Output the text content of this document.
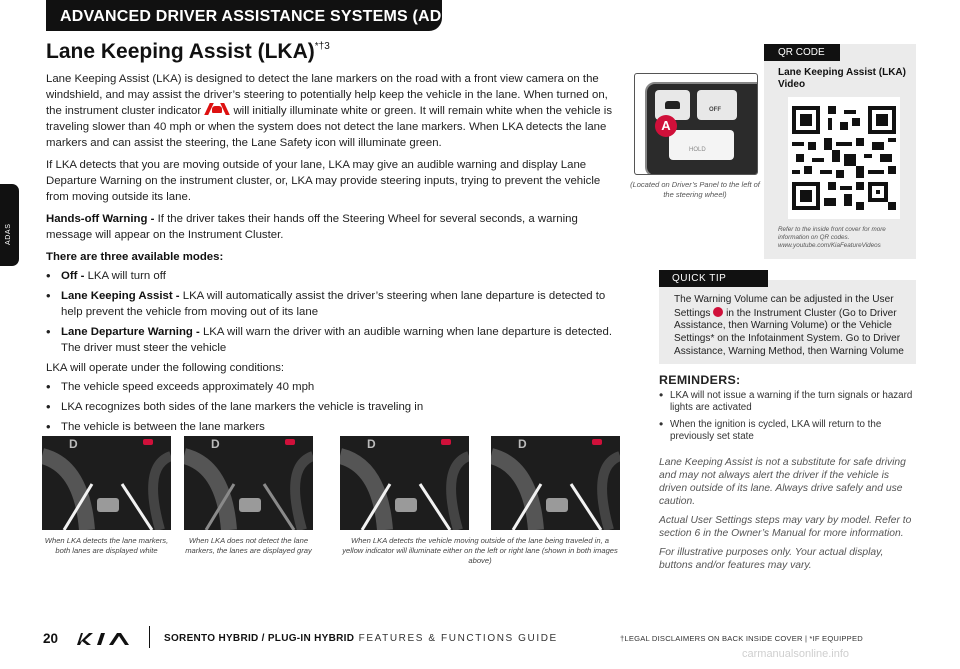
ADVANCED DRIVER ASSISTANCE SYSTEMS (ADAS)
ADAS
Lane Keeping Assist (LKA)$^{*\dagger 3}$

Lane Keeping Assist (LKA) is designed to detect the lane markers on the road with a front view camera on the windshield, and may assist the driver’s steering to potentially help keep the vehicle in the lane. When turned on, the instrument cluster indicator	will initially illuminate white or green. It will remain white when the vehicle is traveling slower than 40 mph or when the system does not detect the lane markers. When LKA detects the lane markers and can assist the steering, the Lane Safety icon will illuminate green.

If LKA detects that you are moving outside of your lane, LKA may give an audible warning and display Lane Departure Warning on the instrument cluster, or, LKA may provide steering inputs, trying to prevent the vehicle from moving outside its lane.

Hands-off Warning - If the driver takes their hands off the Steering Wheel for several seconds, a warning message will appear on the Instrument Cluster.

There are three available modes:

• Off - LKA will turn off
• Lane Keeping Assist - LKA will automatically assist the driver’s steering when lane departure is detected to help prevent the vehicle from moving out of its lane
• Lane Departure Warning - LKA will warn the driver with an audible warning when lane departure is detected. The driver must steer the vehicle

LKA will operate under the following conditions:

• The vehicle speed exceeds approximately 40 mph
• LKA recognizes both sides of the lane markers the vehicle is traveling in
• The vehicle is between the lane markers
OFF
HOLD
A
(Located on Driver’s Panel to the left of the steering wheel)
QR CODE
Lane Keeping Assist (LKA) Video
Refer to the inside front cover for more information on QR codes. www.youtube.com/KiaFeatureVideos
QUICK TIP
The Warning Volume can be adjusted in the User Settings in the Instrument Cluster (Go to Driver Assistance, then Warning Volume) or the Vehicle Settings* on the Infotainment System. Go to Driver Assistance, Warning Method, then Warning Volume
REMINDERS:
• LKA will not issue a warning if the turn signals or hazard lights are activated
• When the ignition is cycled, LKA will return to the previously set state

Lane Keeping Assist is not a substitute for safe driving and may not always alert the driver if the vehicle is driven outside of its lane. Always drive safely and use caution.

Actual User Settings steps may vary by model. Refer to section 6 in the Owner’s Manual for more information.

For illustrative purposes only. Your actual display, buttons and/or features may vary.

D	D	D	D
When LKA detects the lane markers, both lanes are displayed white
When LKA does not detect the lane markers, the lanes are displayed gray
When LKA detects the vehicle moving outside of the lane being traveled in, a yellow indicator will illuminate either on the left or right lane (shown in both images above)
20	SORENTO HYBRID / PLUG-IN HYBRID FEATURES & FUNCTIONS GUIDE	†LEGAL DISCLAIMERS ON BACK INSIDE COVER | *IF EQUIPPED
carmanualsonline.info
